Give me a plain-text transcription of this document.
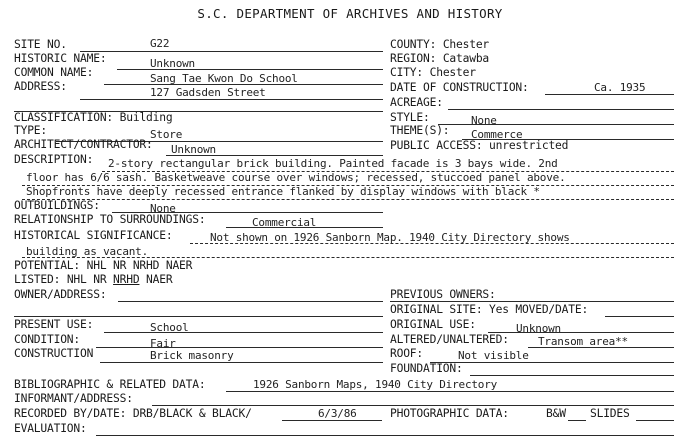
S.C. DEPARTMENT OF ARCHIVES AND HISTORY
SITE NO.	G22
HISTORIC NAME:	Unknown
COMMON NAME:	Sang Tae Kwon Do School
ADDRESS:	127 Gadsden Street
CLASSIFICATION: Building
TYPE:	Store
ARCHITECT/CONTRACTOR: Unknown
DESCRIPTION: 2-story rectangular brick building. Painted facade is 3 bays wide. 2nd
floor has 6/6 sash. Basketweave course over windows; recessed, stuccoed panel above.
Shopfronts have deeply recessed entrance flanked by display windows with black *
OUTBUILDINGS:	None
RELATIONSHIP TO SURROUNDINGS:	Commercial
HISTORICAL SIGNIFICANCE:	Not shown on 1926 Sanborn Map. 1940 City Directory shows
building as vacant.
POTENTIAL: NHL NR NRHD NAER
LISTED: NHL NR NRHD NAER
OWNER/ADDRESS:
PRESENT USE:	School
CONDITION:	Fair
CONSTRUCTION	Brick masonry
COUNTY: Chester
REGION: Catawba
CITY: Chester
DATE OF CONSTRUCTION:	Ca. 1935
ACREAGE:
STYLE:	None
THEME(S): Commerce
PUBLIC ACCESS: unrestricted
PREVIOUS OWNERS:
ORIGINAL SITE: Yes MOVED/DATE:
ORIGINAL USE:	Unknown
ALTERED/UNALTERED:	Transom area**
ROOF:	Not visible
FOUNDATION:
BIBLIOGRAPHIC & RELATED DATA:	1926 Sanborn Maps, 1940 City Directory
INFORMANT/ADDRESS:
RECORDED BY/DATE: DRB/BLACK & BLACK/	6/3/86	PHOTOGRAPHIC DATA:	B&W SLIDES
EVALUATION:
